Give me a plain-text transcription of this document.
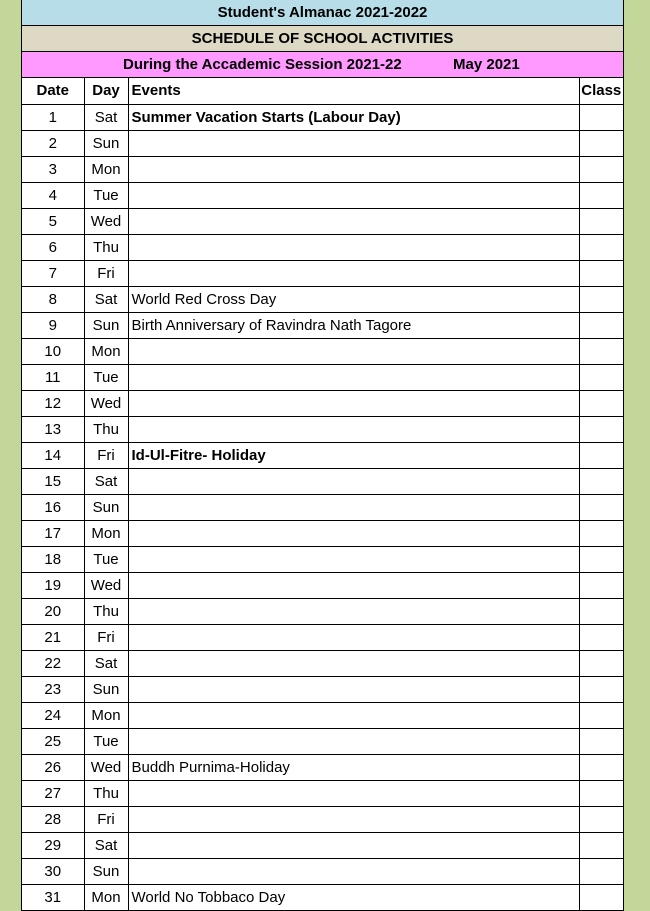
Student's Almanac 2021-2022
SCHEDULE OF SCHOOL ACTIVITIES
During the Accademic Session 2021-22	May 2021
Date	Day	Events	Class
1	Sat	Summer Vacation Starts (Labour Day)	
2	Sun		
3	Mon		
4	Tue		
5	Wed		
6	Thu		
7	Fri		
8	Sat	World Red Cross Day	
9	Sun	Birth Anniversary of Ravindra Nath Tagore	
10	Mon		
11	Tue		
12	Wed		
13	Thu		
14	Fri	Id-Ul-Fitre- Holiday	
15	Sat		
16	Sun		
17	Mon		
18	Tue		
19	Wed		
20	Thu		
21	Fri		
22	Sat		
23	Sun		
24	Mon		
25	Tue		
26	Wed	Buddh Purnima-Holiday	
27	Thu		
28	Fri		
29	Sat		
30	Sun		
31	Mon	World No Tobbaco Day	
